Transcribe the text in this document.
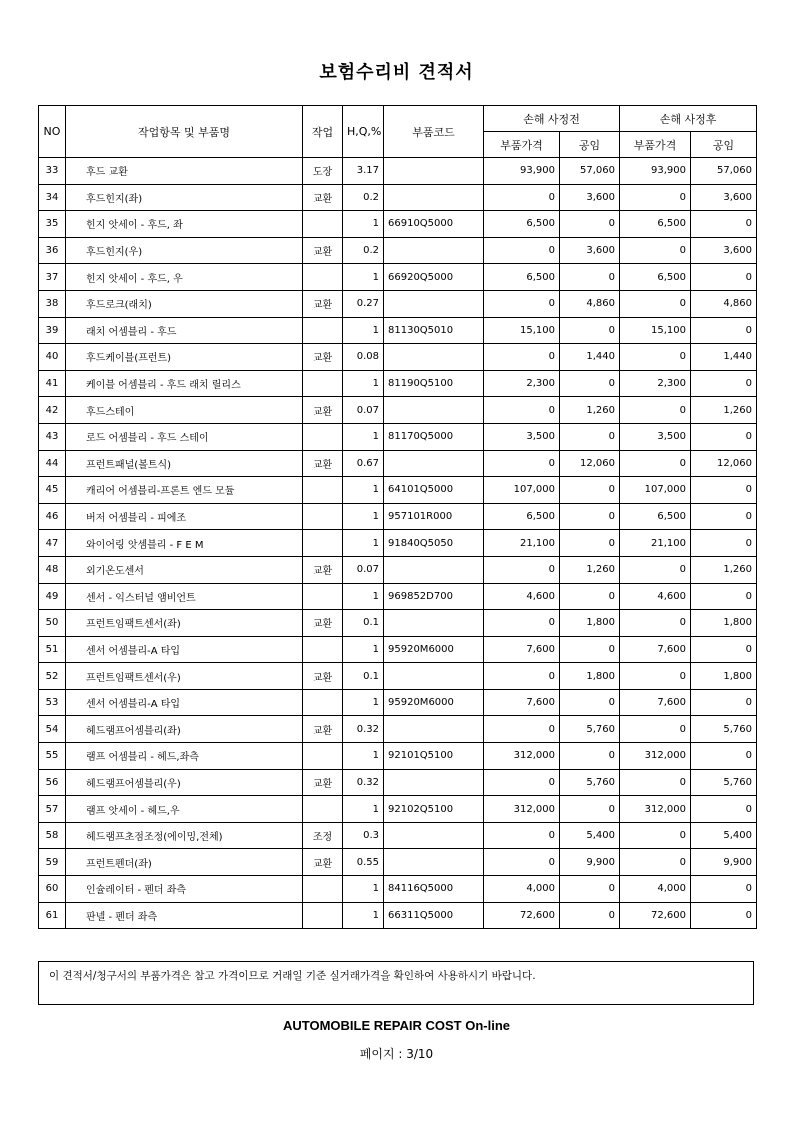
보험수리비 견적서
NO	작업항목 및 부품명	작업	H,Q,%	부품코드	손해 사정전		손해 사정후	
					부품가격	공임	부품가격	공임
33	후드 교환	도장	3.17		93,900	57,060	93,900	57,060
34	후드힌지(좌)	교환	0.2		0	3,600	0	3,600
35	힌지 앗세이 - 후드, 좌		1	66910Q5000	6,500	0	6,500	0
36	후드힌지(우)	교환	0.2		0	3,600	0	3,600
37	힌지 앗세이 - 후드, 우		1	66920Q5000	6,500	0	6,500	0
38	후드로크(래치)	교환	0.27		0	4,860	0	4,860
39	래치 어셈블리 - 후드		1	81130Q5010	15,100	0	15,100	0
40	후드케이블(프런트)	교환	0.08		0	1,440	0	1,440
41	케이블 어셈블리 - 후드 래치 릴리스		1	81190Q5100	2,300	0	2,300	0
42	후드스테이	교환	0.07		0	1,260	0	1,260
43	로드 어셈블리 - 후드 스테이		1	81170Q5000	3,500	0	3,500	0
44	프런트패널(볼트식)	교환	0.67		0	12,060	0	12,060
45	캐리어 어셈블리-프론트 엔드 모듈		1	64101Q5000	107,000	0	107,000	0
46	버저 어셈블리 - 피에조		1	957101R000	6,500	0	6,500	0
47	와이어링 앗셈블리 - F E M		1	91840Q5050	21,100	0	21,100	0
48	외기온도센서	교환	0.07		0	1,260	0	1,260
49	센서 - 익스터널 앰비언트		1	969852D700	4,600	0	4,600	0
50	프런트임팩트센서(좌)	교환	0.1		0	1,800	0	1,800
51	센서 어셈블리-A 타입		1	95920M6000	7,600	0	7,600	0
52	프런트임팩트센서(우)	교환	0.1		0	1,800	0	1,800
53	센서 어셈블리-A 타입		1	95920M6000	7,600	0	7,600	0
54	헤드램프어셈블리(좌)	교환	0.32		0	5,760	0	5,760
55	램프 어셈블리 - 헤드,좌측		1	92101Q5100	312,000	0	312,000	0
56	헤드램프어셈블리(우)	교환	0.32		0	5,760	0	5,760
57	램프 앗세이 - 헤드,우		1	92102Q5100	312,000	0	312,000	0
58	헤드램프초점조정(에이밍,전체)	조정	0.3		0	5,400	0	5,400
59	프런트펜더(좌)	교환	0.55		0	9,900	0	9,900
60	인슐레이터 - 펜더 좌측		1	84116Q5000	4,000	0	4,000	0
61	판넬 - 펜더 좌측		1	66311Q5000	72,600	0	72,600	0
이 견적서/청구서의 부품가격은 참고 가격이므로 거래일 기준 실거래가격을 확인하여 사용하시기 바랍니다.
AUTOMOBILE REPAIR COST On-line
페이지 : 3/10
